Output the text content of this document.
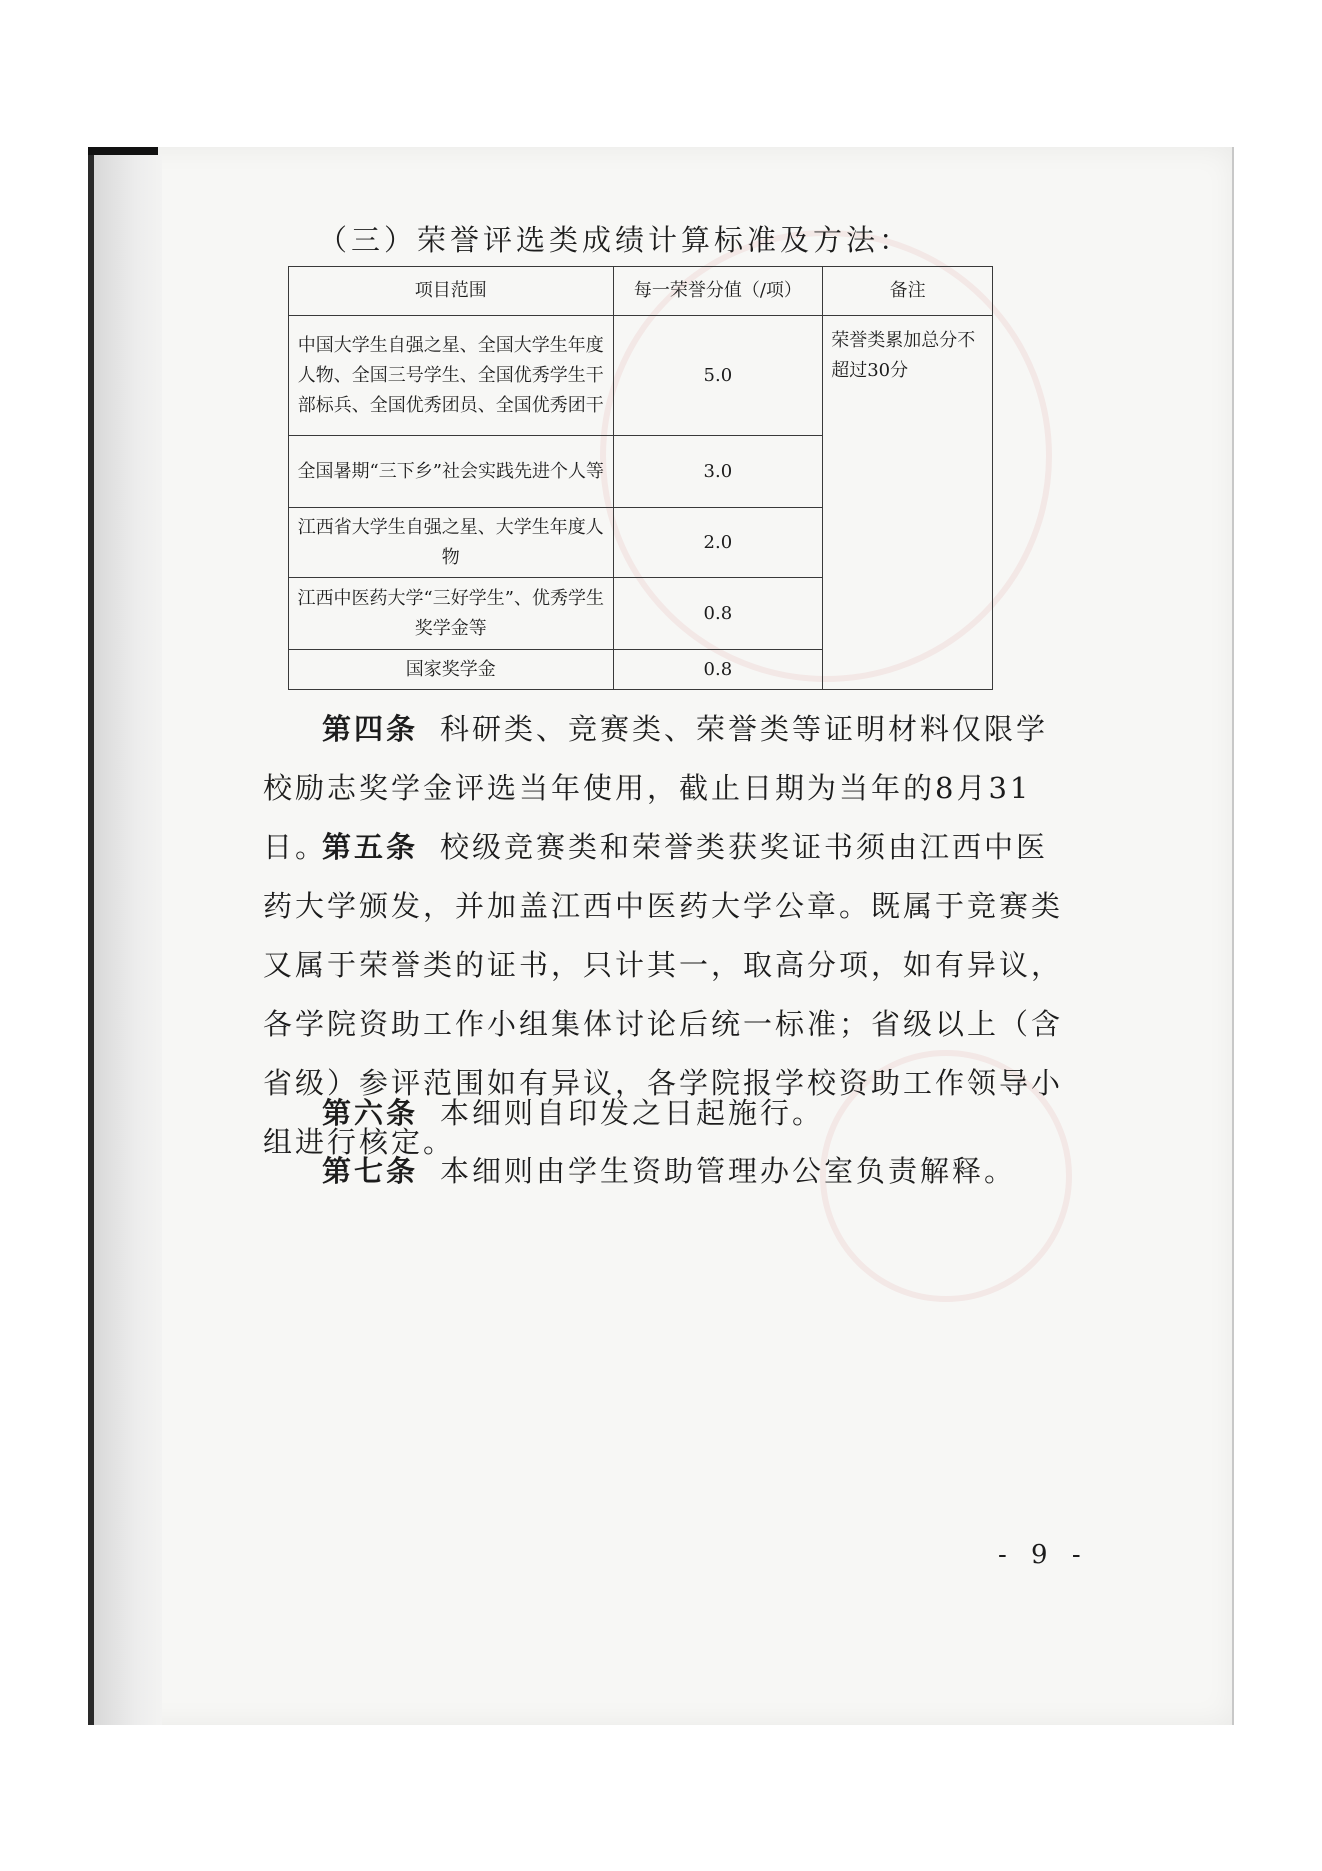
（三）荣誉评选类成绩计算标准及方法：
项目范围	每一荣誉分值（/项）	备注
中国大学生自强之星、全国大学生年度人物、全国三号学生、全国优秀学生干部标兵、全国优秀团员、全国优秀团干	5.0	荣誉类累加总分不超过30分
全国暑期“三下乡”社会实践先进个人等	3.0	
江西省大学生自强之星、大学生年度人物	2.0	
江西中医药大学“三好学生”、优秀学生奖学金等	0.8	
国家奖学金	0.8	
第四条 科研类、竞赛类、荣誉类等证明材料仅限学校励志奖学金评选当年使用，截止日期为当年的8月31日。
第五条 校级竞赛类和荣誉类获奖证书须由江西中医药大学颁发，并加盖江西中医药大学公章。既属于竞赛类又属于荣誉类的证书，只计其一，取高分项，如有异议，各学院资助工作小组集体讨论后统一标准；省级以上（含省级）参评范围如有异议，各学院报学校资助工作领导小组进行核定。
第六条 本细则自印发之日起施行。
第七条 本细则由学生资助管理办公室负责解释。
- 9 -
